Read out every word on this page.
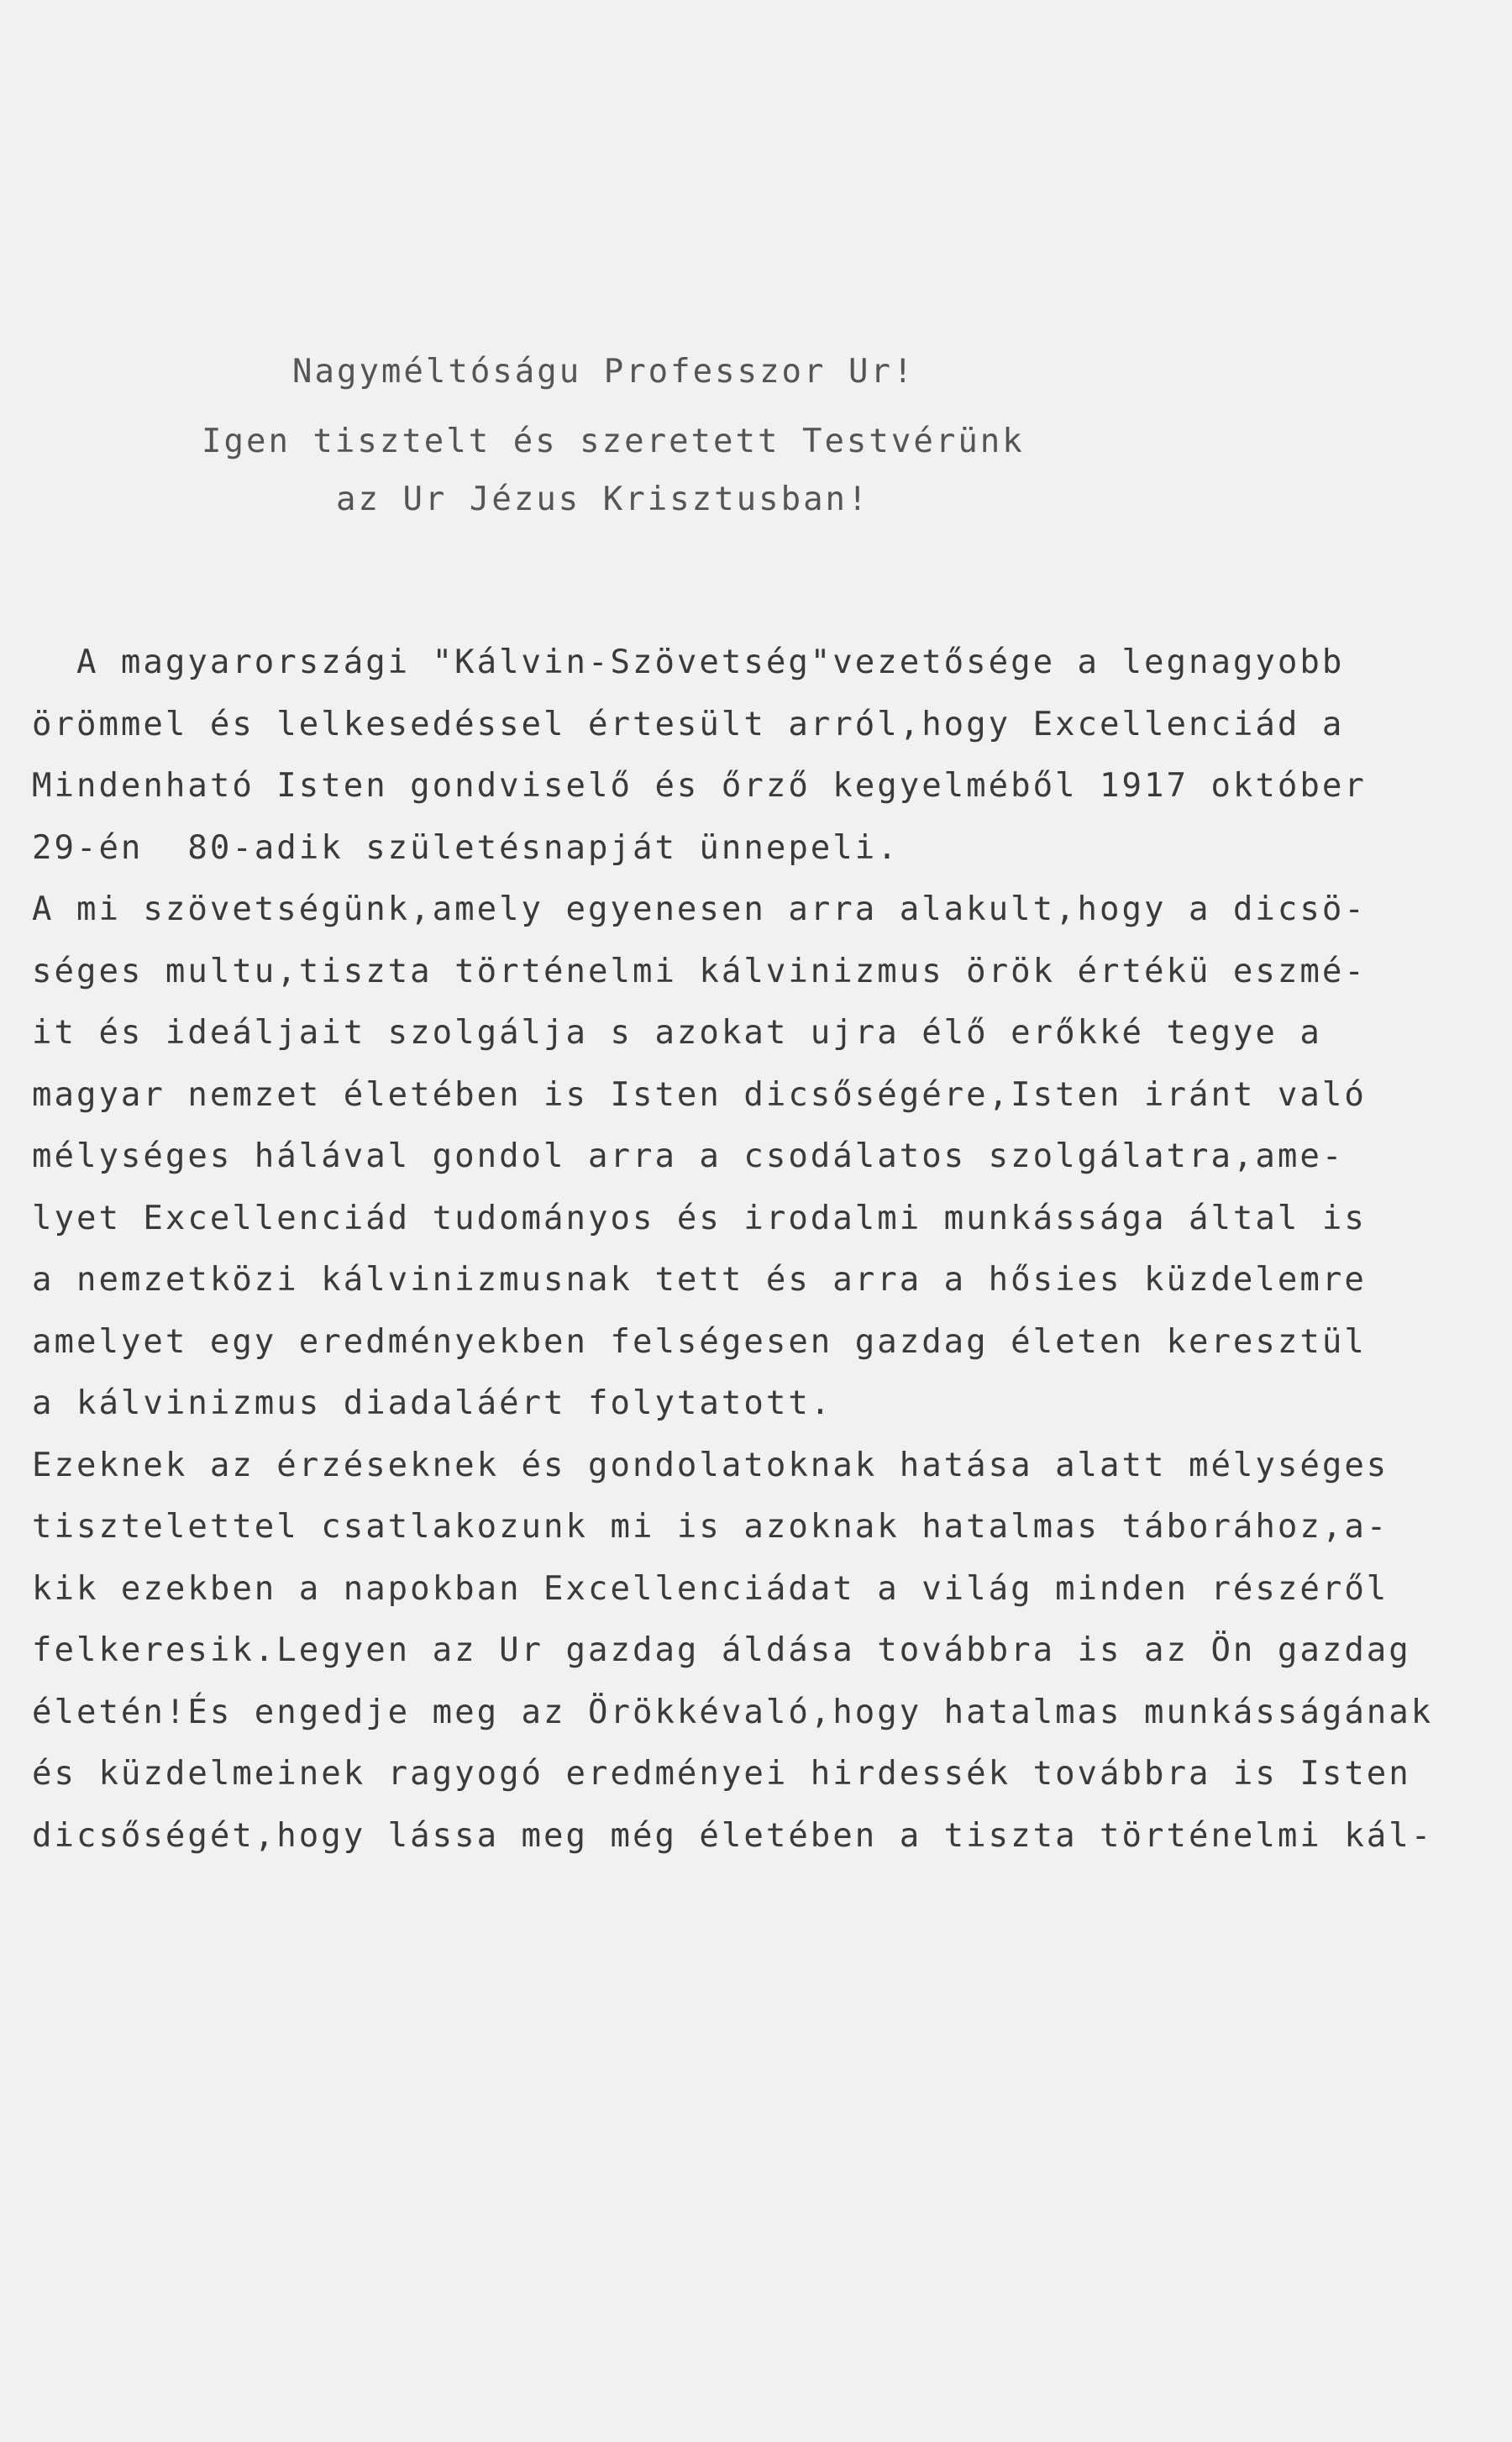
Nagyméltóságu Professzor Ur!
Igen tisztelt és szeretett Testvérünk
az Ur Jézus Krisztusban!
A magyarországi "Kálvin-Szövetség"vezetősége a legnagyobb
örömmel és lelkesedéssel értesült arról,hogy Excellenciád a
Mindenható Isten gondviselő és őrző kegyelméből 1917 október
29-én  80-adik születésnapját ünnepeli.
A mi szövetségünk,amely egyenesen arra alakult,hogy a dicsö-
séges multu,tiszta történelmi kálvinizmus örök értékü eszmé-
it és ideáljait szolgálja s azokat ujra élő erőkké tegye a
magyar nemzet életében is Isten dicsőségére,Isten iránt való
mélységes hálával gondol arra a csodálatos szolgálatra,ame-
lyet Excellenciád tudományos és irodalmi munkássága által is
a nemzetközi kálvinizmusnak tett és arra a hősies küzdelemre
amelyet egy eredményekben felségesen gazdag életen keresztül
a kálvinizmus diadaláért folytatott.
Ezeknek az érzéseknek és gondolatoknak hatása alatt mélységes
tisztelettel csatlakozunk mi is azoknak hatalmas táborához,a-
kik ezekben a napokban Excellenciádat a világ minden részéről
felkeresik.Legyen az Ur gazdag áldása továbbra is az Ön gazdag
életén!És engedje meg az Örökkévaló,hogy hatalmas munkásságának
és küzdelmeinek ragyogó eredményei hirdessék továbbra is Isten
dicsőségét,hogy lássa meg még életében a tiszta történelmi kál-
